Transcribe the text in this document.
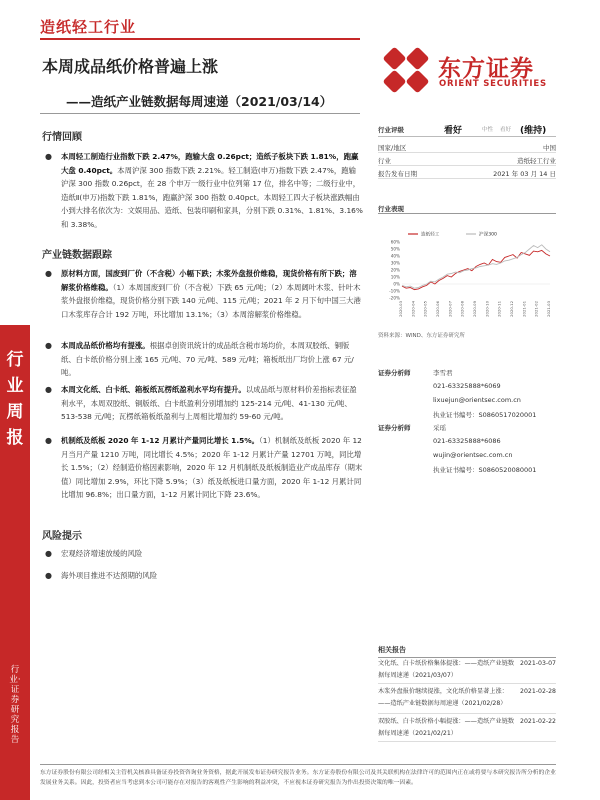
造纸轻工行业
本周成品纸价格普遍上涨
——造纸产业链数据每周速递（2021/03/14）
东方证券
ORIENT SECURITIES
行业周报
行业·证券研究报告
行情回顾
● 本周轻工制造行业指数下跌 2.47%，跑输大盘 0.26pct；造纸子板块下跌 1.81%，跑赢大盘 0.40pct。本周沪深 300 指数下跌 2.21%。轻工制造(申万)指数下跌 2.47%，跑输沪深 300 指数 0.26pct，在 28 个申万一级行业中位列第 17 位，排名中等；二级行业中，造纸Ⅱ(申万)指数下跌 1.81%，跑赢沪深 300 指数 0.40pct。本周轻工四大子板块涨跌幅由小到大排名依次为：文娱用品、造纸、包装印刷和家具，分别下跌 0.31%、1.81%、3.16%和 3.38%。
产业链数据跟踪
● 原材料方面，国废到厂价（不含税）小幅下跌；木浆外盘报价维稳，现货价格有所下跌；溶解浆价格维稳。（1）本周国废到厂价（不含税）下跌 65 元/吨；（2）本周阔叶木浆、针叶木浆外盘报价维稳，现货价格分别下跌 140 元/吨、115 元/吨；2021 年 2 月下旬中国三大港口木浆库存合计 192 万吨，环比增加 13.1%；（3）本周溶解浆价格维稳。
● 本周成品纸价格均有提涨。根据卓创资讯统计的成品纸含税市场均价，本周双胶纸、铜版纸、白卡纸价格分别上涨 165 元/吨、70 元/吨、589 元/吨；箱板纸出厂均价上涨 67 元/吨。
● 本周文化纸、白卡纸、箱板纸瓦楞纸盈利水平均有提升。以成品纸与原材料价差指标表征盈利水平，本周双胶纸、铜版纸、白卡纸盈利分别增加约 125-214 元/吨、41-130 元/吨、513-538 元/吨；瓦楞纸箱板纸盈利与上周相比增加约 59-60 元/吨。
● 机制纸及纸板 2020 年 1-12 月累计产量同比增长 1.5%。（1）机制纸及纸板 2020 年 12 月当月产量 1210 万吨，同比增长 4.5%；2020 年 1-12 月累计产量 12701 万吨，同比增长 1.5%；（2）经制造价格因素影响，2020 年 12 月机制纸及纸板制造业产成品库存（期末值）同比增加 2.9%，环比下降 5.9%；（3）纸及纸板进口量方面，2020 年 1-12 月累计同比增加 96.8%；出口量方面，1-12 月累计同比下降 23.6%。
风险提示
● 宏观经济增速放缓的风险
● 海外项目推进不达预期的风险
行业评级	看好	中性 看好 (维持)
国家/地区	中国
行业	造纸轻工行业
报告发布日期	2021 年 03 月 14 日
行业表现
60%
50%
40%
30%
20%
10%
0%
-10%
-20%
2020-03 2020-04 2020-05 2020-06 2020-07 2020-08 2020-09 2020-10 2020-11 2020-12 2021-01 2021-02 2021-03
造纸轻工	沪深300
资料来源：WIND、东方证券研究所
证券分析师	李雪君
021-63325888*6069
lixuejun@orientsec.com.cn
执业证书编号：S0860517020001
证券分析师	采瑶
021-63325888*6086
wujin@orientsec.com.cn
执业证书编号：S0860520080001
相关报告
文化纸、白卡纸价格集体提涨：——造纸产业链数据每周速递（2021/03/07）
2021-03-07
木浆外盘报价继续提涨，文化纸价格显著上涨：——造纸产业链数据每周速递（2021/02/28）
2021-02-28
双胶纸、白卡纸价格小幅提涨：——造纸产业链数据每周速递（2021/02/21）
2021-02-22
东方证券股份有限公司经相关主管机关核准具备证券投资咨询业务资格，据此开展发布证券研究报告业务。东方证券股份有限公司及其关联机构在法律许可的范围内正在或将要与本研究报告所分析的企业发展业务关系。因此，投资者应当考虑到本公司可能存在对报告的客观性产生影响的利益冲突，不应视本证券研究报告为作出投资决策的唯一因素。
